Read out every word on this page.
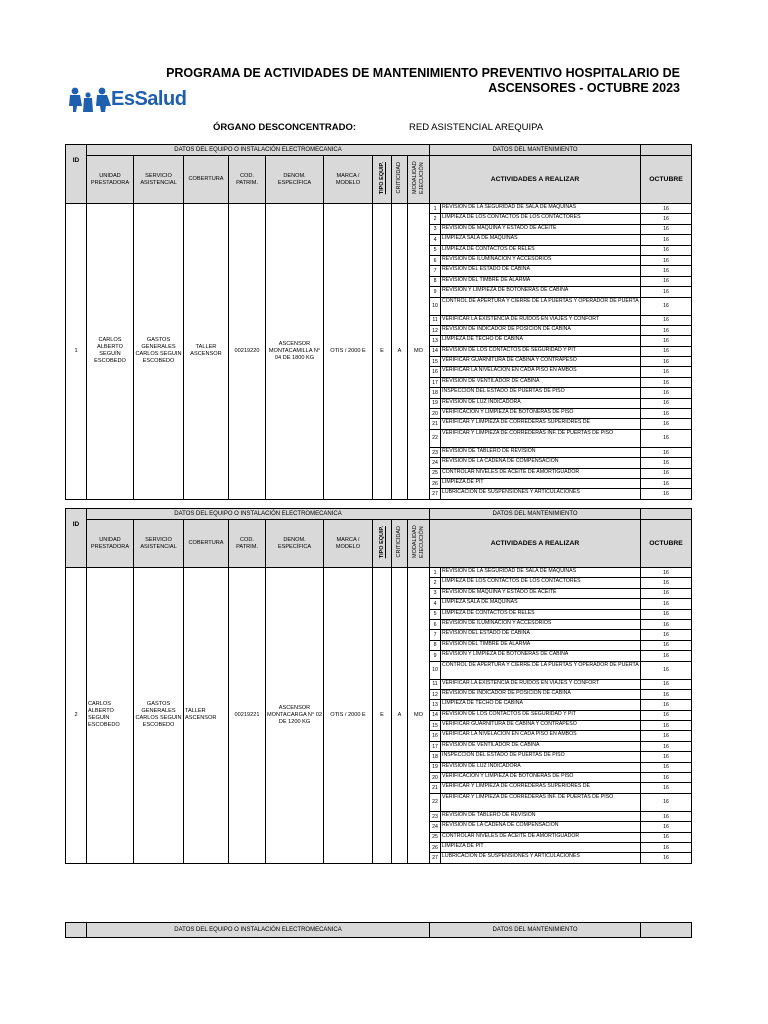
EsSalud
PROGRAMA DE ACTIVIDADES DE MANTENIMIENTO PREVENTIVO HOSPITALARIO DE
ASCENSORES - OCTUBRE 2023
ÓRGANO DESCONCENTRADO:	RED ASISTENCIAL AREQUIPA
ID	DATOS DEL EQUIPO O INSTALACIÓN ELECTROMECANICA									DATOS DEL MANTENIMIENTO		
	UNIDAD PRESTADORA	SERVICIO ASISTENCIAL	COBERTURA	COD. PATRIM.	DENOM. ESPECÍFICA	MARCA / MODELO	TIPO EQUIP.	CRITICIDAD	MODALIDAD EJECUCIÓN	ACTIVIDADES A REALIZAR		OCTUBRE
1	CARLOS ALBERTO SEGUÍN ESCOBEDO	GASTOS GENERALES CARLOS SEGUIN ESCOBEDO	TALLER ASCENSOR	00219220	ASCENSOR MONTACAMILLA N° 04 DE 1800 KG	OTIS / 2000 E	E	A	MO	1	REVISIÓN DE LA SEGURIDAD DE SALA DE MAQUINAS	16
										2	LIMPIEZA DE LOS CONTACTOS DE LOS CONTACTORES	16
										3	REVISIÓN DE MAQUINA Y ESTADO DE ACEITE	16
										4	LIMPIEZA SALA DE MAQUINAS	16
										5	LIMPIEZA DE CONTACTOS DE RELES	16
										6	REVISIÓN DE ILUMINACIÓN Y ACCESORIOS	16
										7	REVISIÓN DEL ESTADO DE CABINA	16
										8	REVISIÓN DEL TIMBRE DE ALARMA	16
										9	REVISIÓN Y LIMPIEZA DE BOTONERAS DE CABINA	16
										10	CONTROL DE APERTURA Y CIERRE DE LA PUERTAS Y OPERADOR DE PUERTA	16
										11	VERIFICAR LA EXISTENCIA DE RUIDOS EN VIAJES Y CONFORT	16
										12	REVISIÓN DE INDICADOR DE POSICIÓN DE CABINA	16
										13	LIMPIEZA DE TECHO DE CABINA	16
										14	REVISIÓN DE LOS CONTACTOS DE SEGURIDAD Y PIT	16
										15	VERIFICAR GUARNITURA DE CABINA Y CONTRAPESO	16
										16	VERIFICAR LA NIVELACIÓN EN CADA PISO EN AMBOS	16
										17	REVISIÓN DE VENTILADOR DE CABINA	16
										18	INSPECCIÓN DEL ESTADO DE PUERTAS DE PISO	16
										19	REVISIÓN DE LUZ INDICADORA	16
										20	VERIFICACIÓN Y LIMPIEZA DE BOTONERAS DE PISO	16
										21	VERIFICAR Y LIMPIEZA DE CORREDERAS SUPERIORES DE	16
										22	VERIFICAR Y LIMPIEZA DE CORREDERAS INF. DE PUERTAS DE PISO	16
										23	REVISIÓN DE TABLERO DE REVISIÓN	16
										24	REVISIÓN DE LA CADENA DE COMPENSACIÓN	16
										25	CONTROLAR NIVELES DE ACEITE DE AMORTIGUADOR	16
										26	LIMPIEZA DE PIT	16
										27	LUBRICACIÓN DE SUSPENSIONES Y ARTICULACIONES	16
ID	DATOS DEL EQUIPO O INSTALACIÓN ELECTROMECANICA									DATOS DEL MANTENIMIENTO		
	UNIDAD PRESTADORA	SERVICIO ASISTENCIAL	COBERTURA	COD. PATRIM.	DENOM. ESPECÍFICA	MARCA / MODELO	TIPO EQUIP.	CRITICIDAD	MODALIDAD EJECUCIÓN	ACTIVIDADES A REALIZAR		OCTUBRE
2	CARLOS ALBERTO SEGUÍN ESCOBEDO	GASTOS GENERALES CARLOS SEGUIN ESCOBEDO	TALLER ASCENSOR	00219221	ASCENSOR MONTACARGA N° 02 DE 1200 KG	OTIS / 2000 E	E	A	MO	1	REVISIÓN DE LA SEGURIDAD DE SALA DE MAQUINAS	16
										2	LIMPIEZA DE LOS CONTACTOS DE LOS CONTACTORES	16
										3	REVISIÓN DE MAQUINA Y ESTADO DE ACEITE	16
										4	LIMPIEZA SALA DE MAQUINAS	16
										5	LIMPIEZA DE CONTACTOS DE RELES	16
										6	REVISIÓN DE ILUMINACIÓN Y ACCESORIOS	16
										7	REVISIÓN DEL ESTADO DE CABINA	16
										8	REVISIÓN DEL TIMBRE DE ALARMA	16
										9	REVISIÓN Y LIMPIEZA DE BOTONERAS DE CABINA	16
										10	CONTROL DE APERTURA Y CIERRE DE LA PUERTAS Y OPERADOR DE PUERTA	16
										11	VERIFICAR LA EXISTENCIA DE RUIDOS EN VIAJES Y CONFORT	16
										12	REVISIÓN DE INDICADOR DE POSICIÓN DE CABINA	16
										13	LIMPIEZA DE TECHO DE CABINA	16
										14	REVISIÓN DE LOS CONTACTOS DE SEGURIDAD Y PIT	16
										15	VERIFICAR GUARNITURA DE CABINA Y CONTRAPESO	16
										16	VERIFICAR LA NIVELACIÓN EN CADA PISO EN AMBOS	16
										17	REVISIÓN DE VENTILADOR DE CABINA	16
										18	INSPECCIÓN DEL ESTADO DE PUERTAS DE PISO	16
										19	REVISIÓN DE LUZ INDICADORA	16
										20	VERIFICACIÓN Y LIMPIEZA DE BOTONERAS DE PISO	16
										21	VERIFICAR Y LIMPIEZA DE CORREDERAS SUPERIORES DE	16
										22	VERIFICAR Y LIMPIEZA DE CORREDERAS INF. DE PUERTAS DE PISO	16
										23	REVISIÓN DE TABLERO DE REVISIÓN	16
										24	REVISIÓN DE LA CADENA DE COMPENSACIÓN	16
										25	CONTROLAR NIVELES DE ACEITE DE AMORTIGUADOR	16
										26	LIMPIEZA DE PIT	16
										27	LUBRICACIÓN DE SUSPENSIONES Y ARTICULACIONES	16
	DATOS DEL EQUIPO O INSTALACIÓN ELECTROMECANICA	DATOS DEL MANTENIMIENTO	
